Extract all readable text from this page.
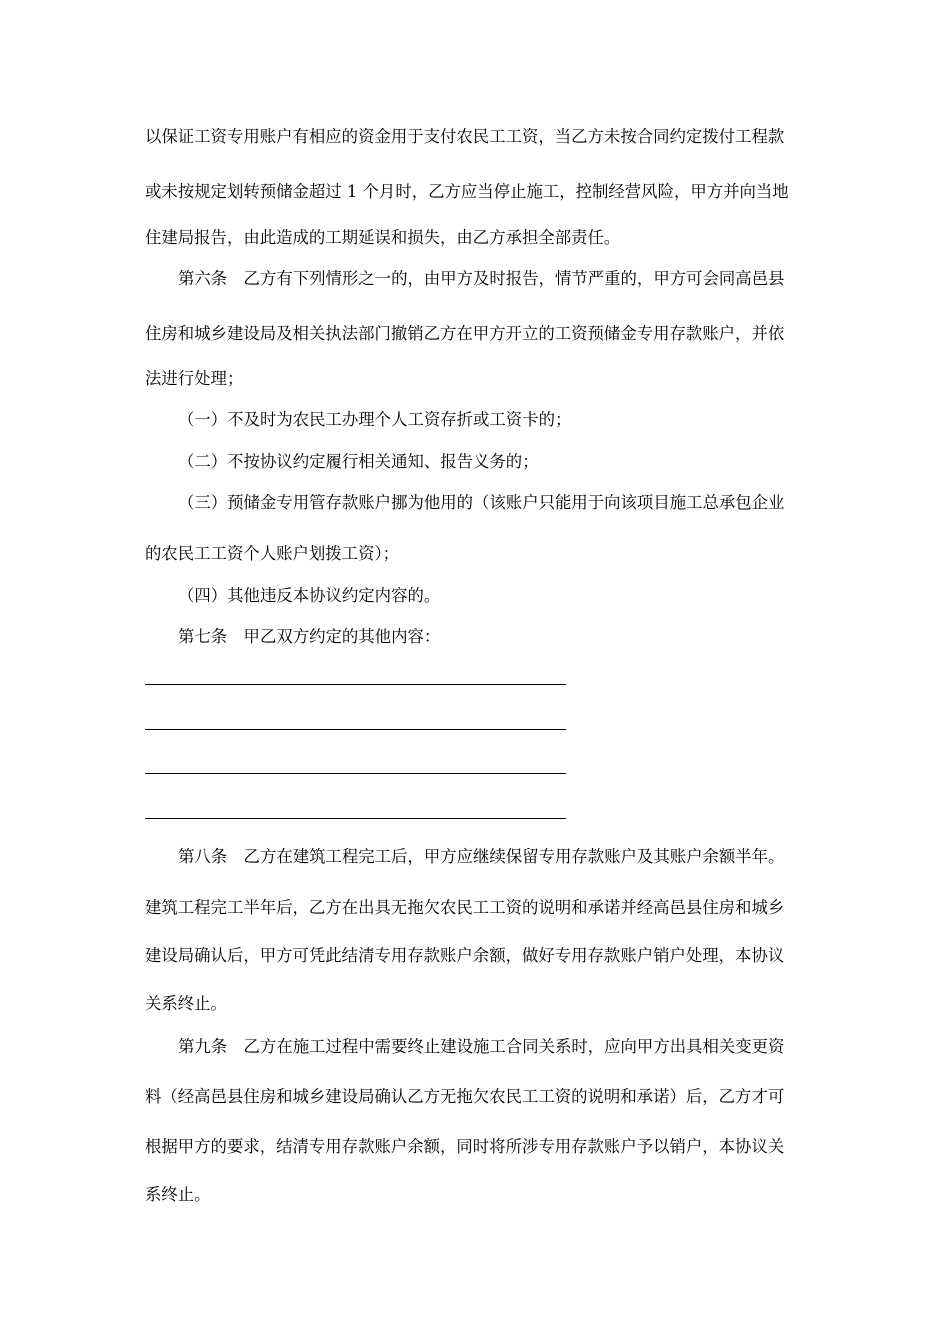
以保证工资专用账户有相应的资金用于支付农民工工资，当乙方未按合同约定拨付工程款
或未按规定划转预储金超过 1 个月时，乙方应当停止施工，控制经营风险，甲方并向当地
住建局报告，由此造成的工期延误和损失，由乙方承担全部责任。
第六条　乙方有下列情形之一的，由甲方及时报告，情节严重的，甲方可会同高邑县
住房和城乡建设局及相关执法部门撤销乙方在甲方开立的工资预储金专用存款账户，并依
法进行处理；
（一）不及时为农民工办理个人工资存折或工资卡的；
（二）不按协议约定履行相关通知、报告义务的；
（三）预储金专用管存款账户挪为他用的（该账户只能用于向该项目施工总承包企业
的农民工工资个人账户划拨工资）；
（四）其他违反本协议约定内容的。
第七条　甲乙双方约定的其他内容：
第八条　乙方在建筑工程完工后，甲方应继续保留专用存款账户及其账户余额半年。
建筑工程完工半年后，乙方在出具无拖欠农民工工资的说明和承诺并经高邑县住房和城乡
建设局确认后，甲方可凭此结清专用存款账户余额，做好专用存款账户销户处理，本协议
关系终止。
第九条　乙方在施工过程中需要终止建设施工合同关系时，应向甲方出具相关变更资
料（经高邑县住房和城乡建设局确认乙方无拖欠农民工工资的说明和承诺）后，乙方才可
根据甲方的要求，结清专用存款账户余额，同时将所涉专用存款账户予以销户，本协议关
系终止。
